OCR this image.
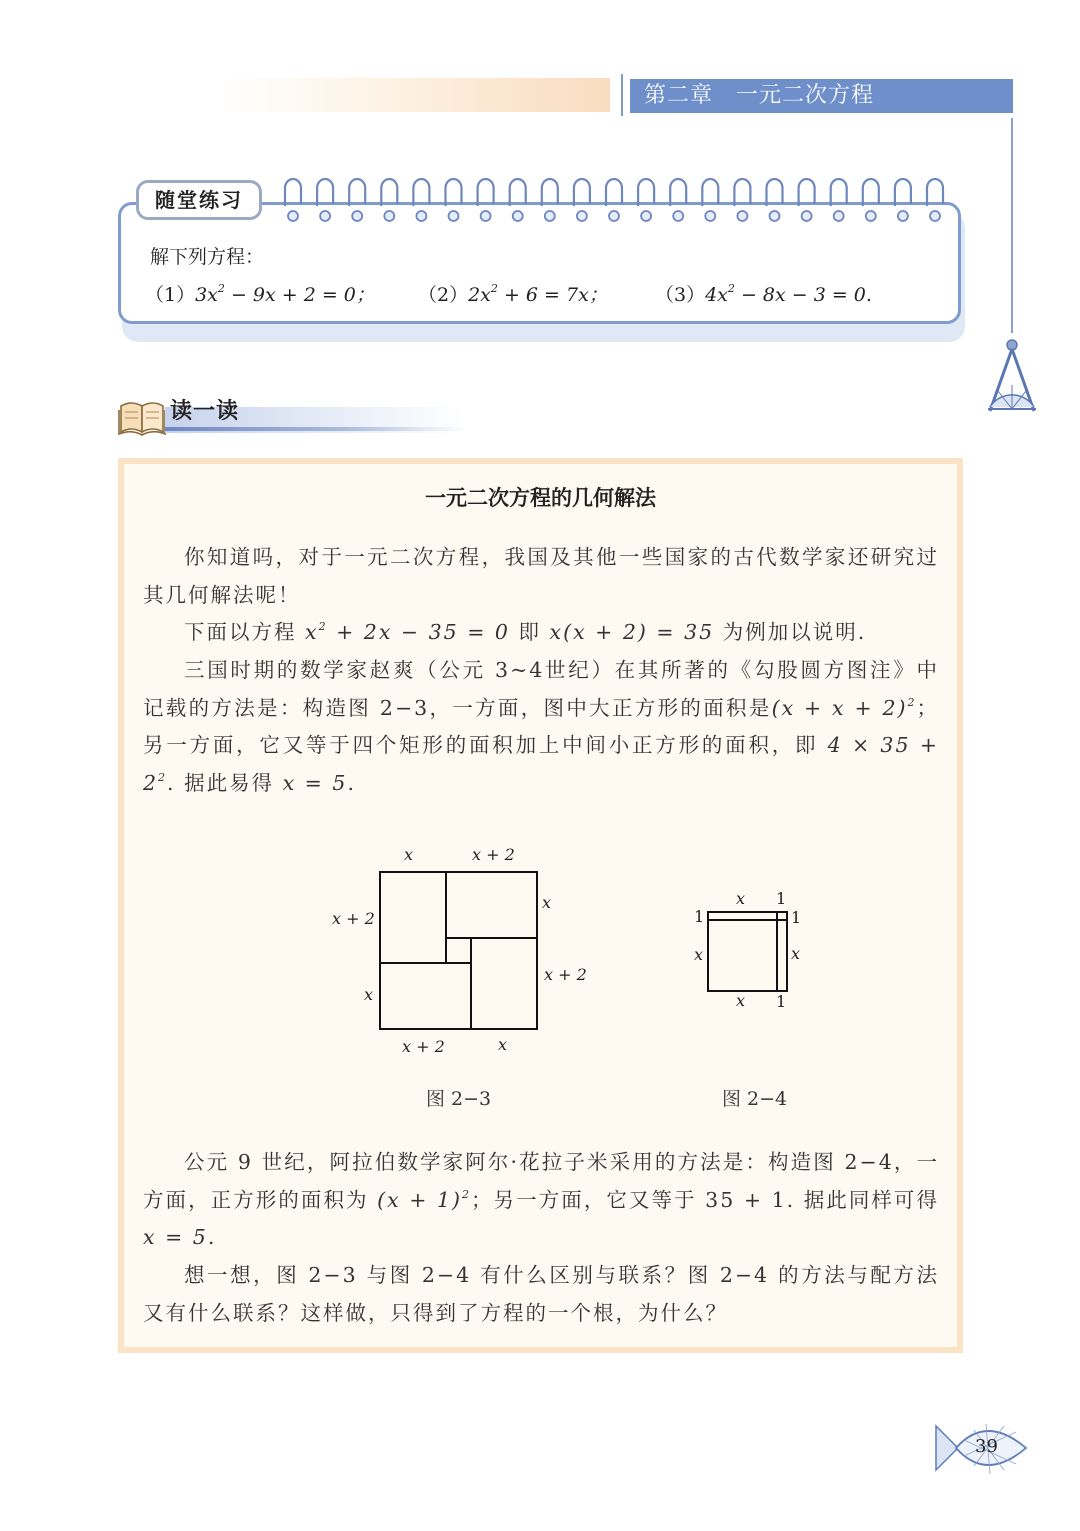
第二章　一元二次方程
随堂练习
解下列方程：
$(1)3x^2 - 9x + 2 = 0$； $(2)2x^2 + 6 = 7x$； $(3)4x^2 - 8x - 3 = 0$.
读一读
一元二次方程的几何解法

你知道吗，对于一元二次方程，我国及其他一些国家的古代数学家还研究过其几何解法呢！

下面以方程 $x^2 + 2x - 35 = 0$ 即 x(x + 2) = 35 为例加以说明.

三国时期的数学家赵爽（公元 3~4世纪）在其所著的《勾股圆方图注》中记载的方法是：构造图 2−3，一方面，图中大正方形的面积是$(x + x + 2)^2$；另一方面，它又等于四个矩形的面积加上中间小正方形的面积，即 $4 \times 35 + 2^2$. 据此易得 x = 5.

x	x + 2
x + 2
x
x + 2
x
x + 2	x
图 2−3
x 1
1	1
x	x
x 1
图 2−4

公元 9 世纪，阿拉伯数学家阿尔·花拉子米采用的方法是：构造图 2−4，一方面，正方形的面积为 $(x + 1)^2$；另一方面，它又等于 35 + 1. 据此同样可得 x = 5.

想一想，图 2−3 与图 2−4 有什么区别与联系？图 2−4 的方法与配方法又有什么联系？这样做，只得到了方程的一个根，为什么？

39
